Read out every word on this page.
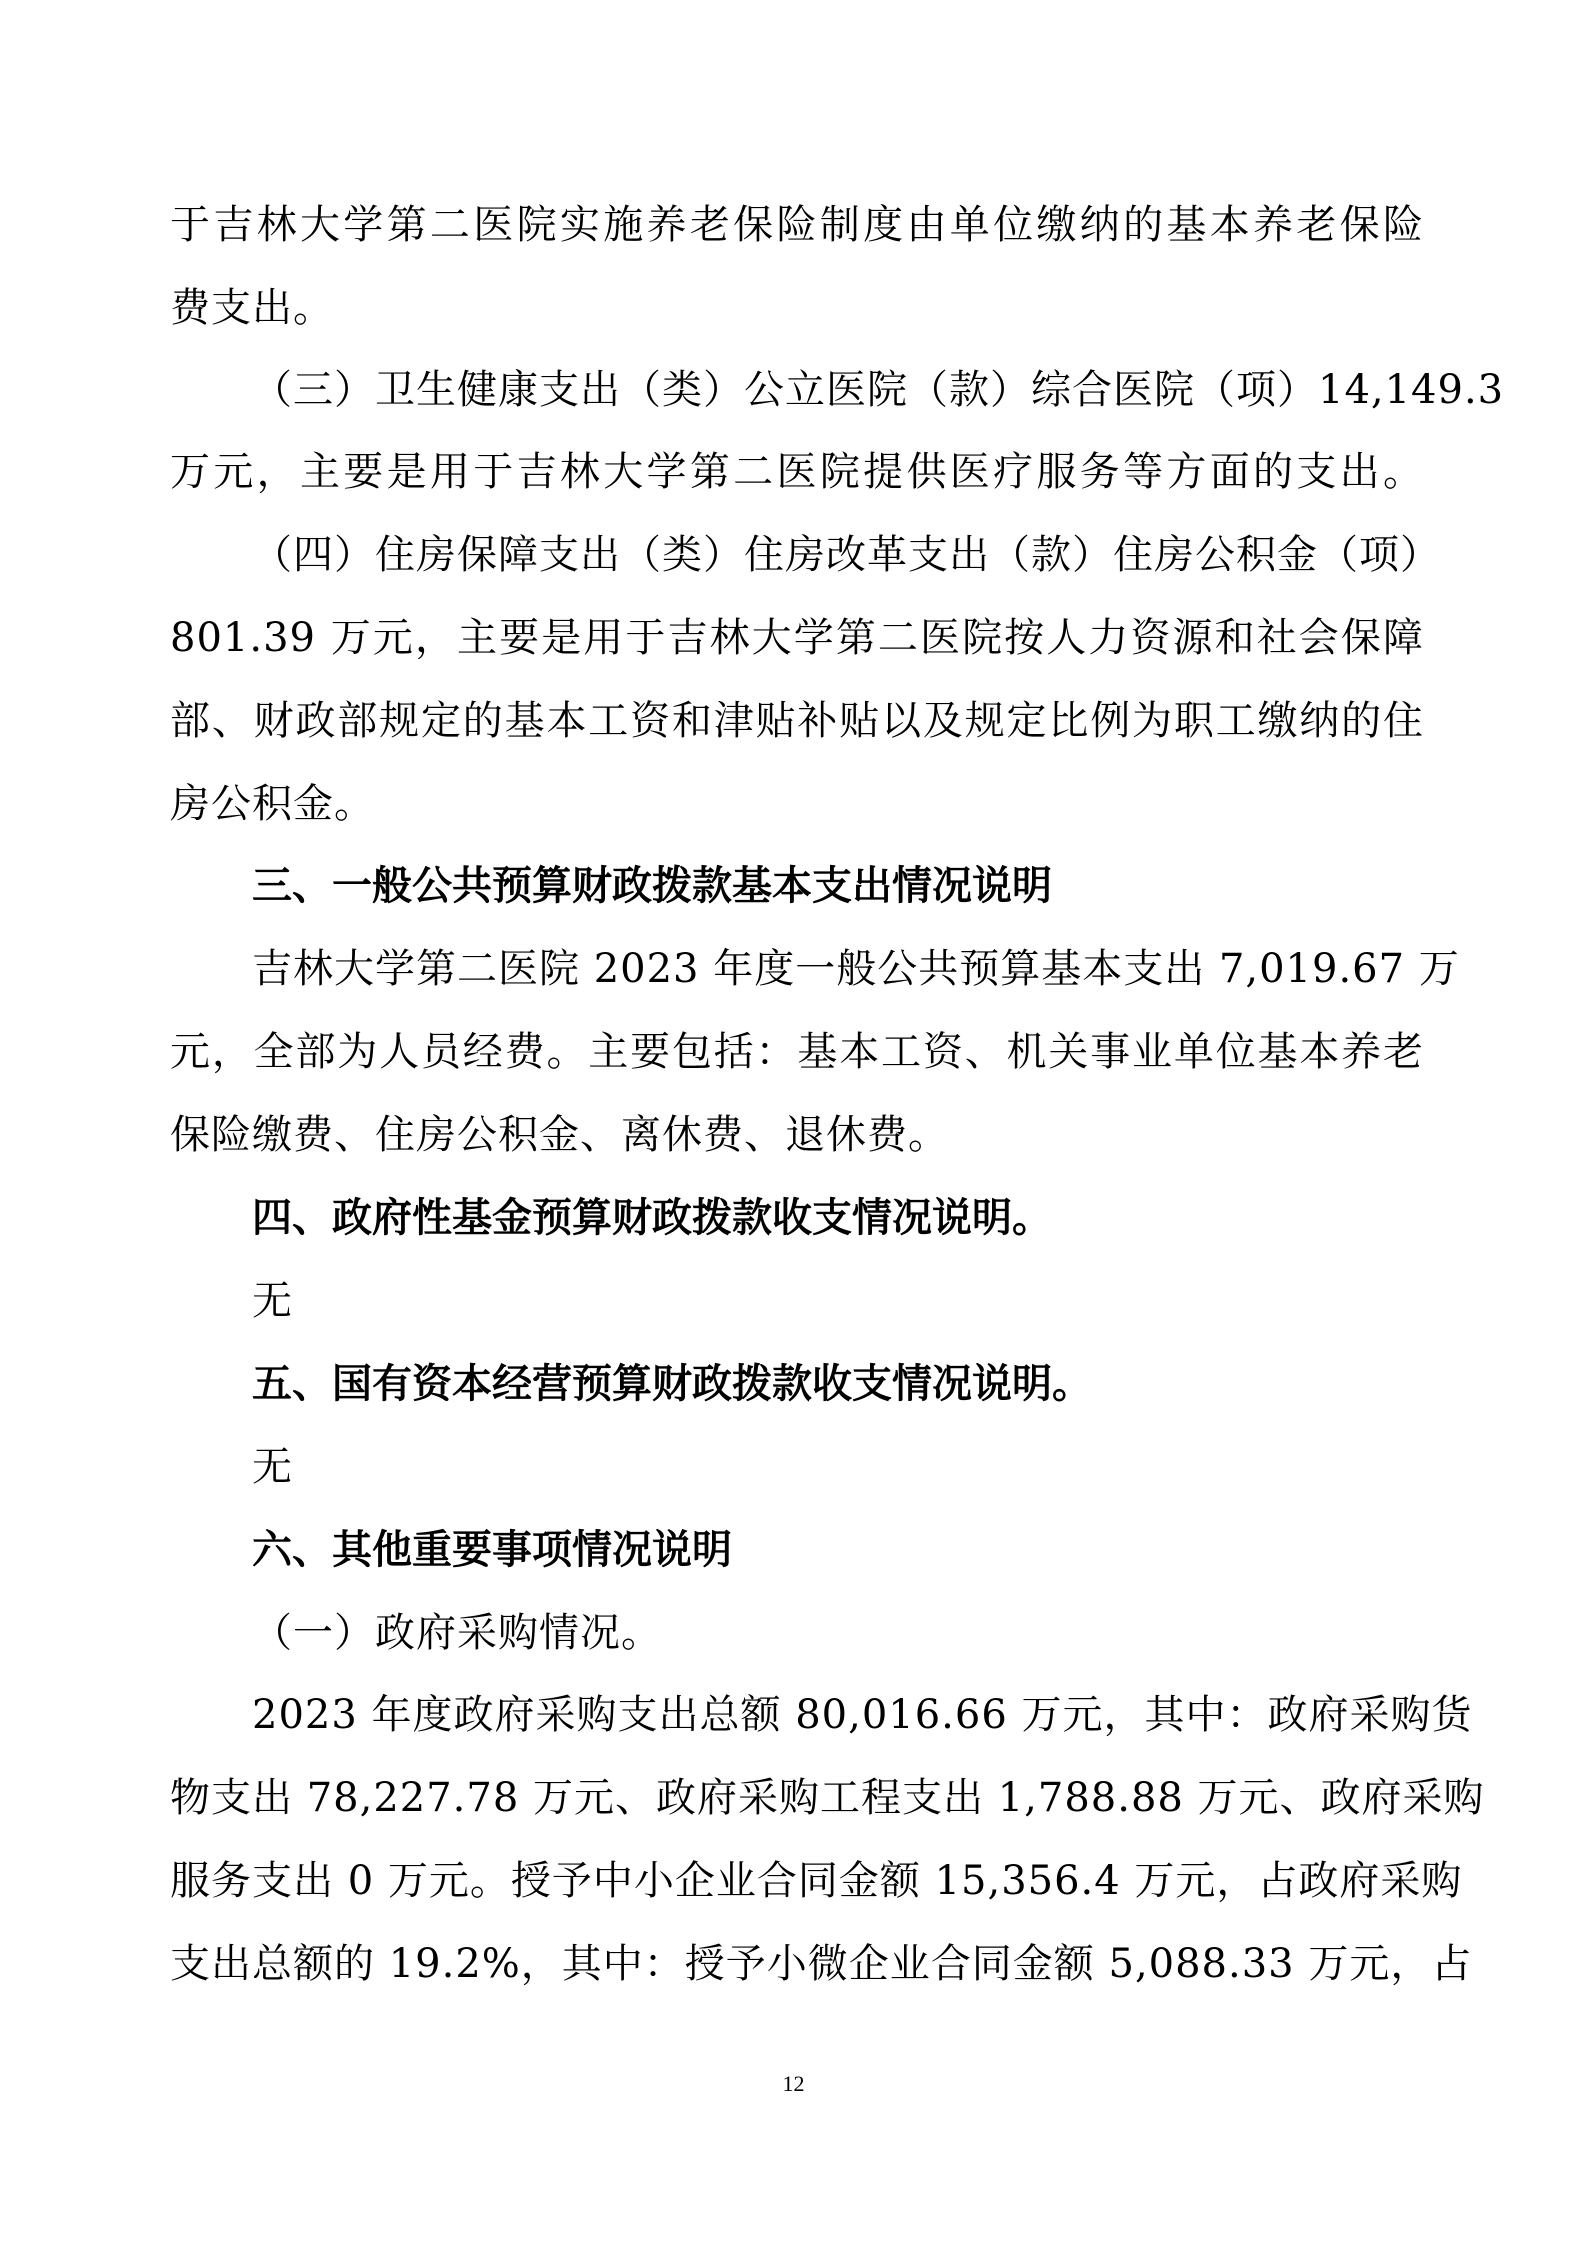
于吉林大学第二医院实施养老保险制度由单位缴纳的基本养老保险
费支出。
（三）卫生健康支出（类）公立医院（款）综合医院（项）14,149.3
万元，主要是用于吉林大学第二医院提供医疗服务等方面的支出。
（四）住房保障支出（类）住房改革支出（款）住房公积金（项）
801.39 万元，主要是用于吉林大学第二医院按人力资源和社会保障
部、财政部规定的基本工资和津贴补贴以及规定比例为职工缴纳的住
房公积金。
三、一般公共预算财政拨款基本支出情况说明
吉林大学第二医院 2023 年度一般公共预算基本支出 7,019.67 万
元，全部为人员经费。主要包括：基本工资、机关事业单位基本养老
保险缴费、住房公积金、离休费、退休费。
四、政府性基金预算财政拨款收支情况说明。
无
五、国有资本经营预算财政拨款收支情况说明。
无
六、其他重要事项情况说明
（一）政府采购情况。
2023 年度政府采购支出总额 80,016.66 万元，其中：政府采购货
物支出 78,227.78 万元、政府采购工程支出 1,788.88 万元、政府采购
服务支出 0 万元。授予中小企业合同金额 15,356.4 万元，占政府采购
支出总额的 19.2%，其中：授予小微企业合同金额 5,088.33 万元，占
12
